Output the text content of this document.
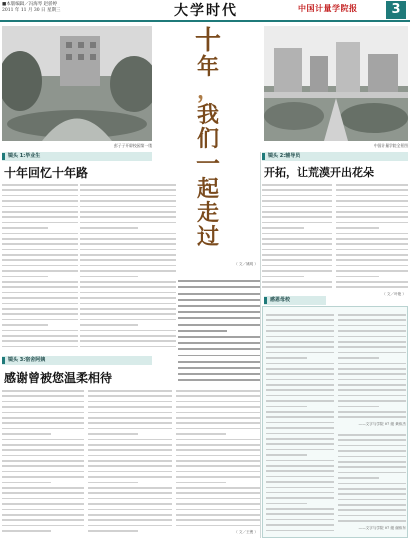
■本版编辑／冯海琴 赵骄婷
2011 年 11 月 30 日 星期三	大学时代	中国计量学院报	3
彭子子开辟校园第一缕	中国计量学院全景图
十
年
，
我
们
一
起
走
过
镜头 1:毕业生
十年回忆十年路
（ 文／姚明 ）
镜头 2:辅导员
开拓，让荒漠开出花朵
（ 文／叶艳 ）
镜头 3:宿舍阿姨
感谢曾被您温柔相待
（ 文／王俊 ）
感恩母校
——文字与学院 07 级 黄伟杰
——文字与学院 07 级 谢伟东
